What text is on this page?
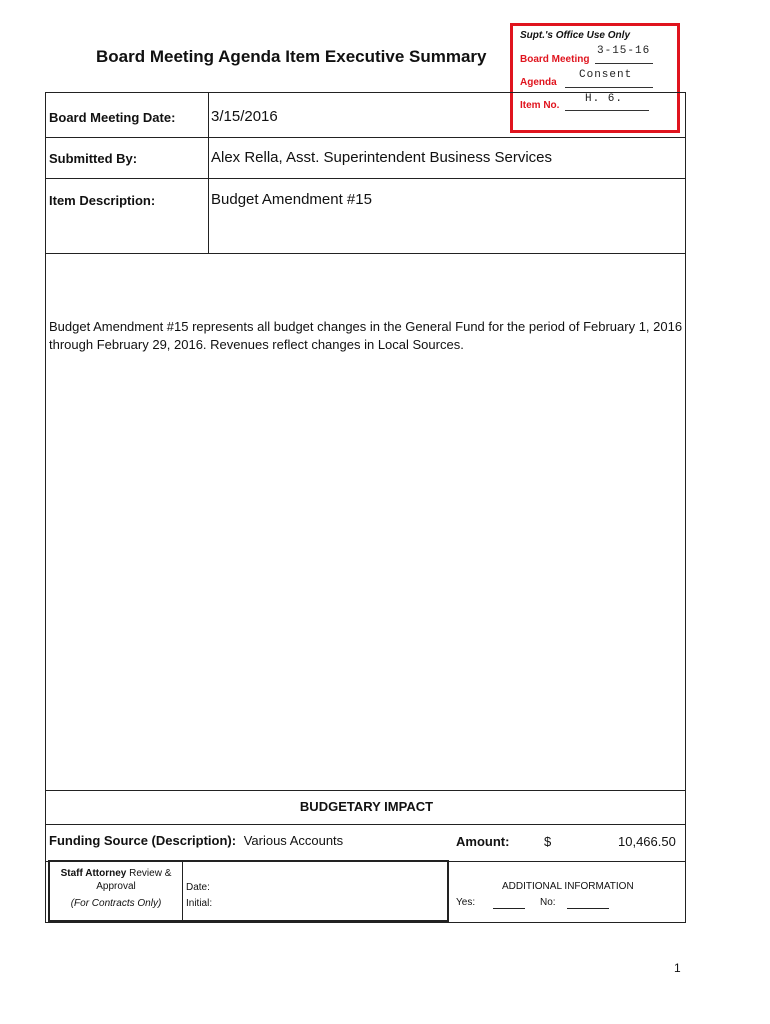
Supt.'s Office Use Only
Board Meeting
3-15-16
Agenda
Consent
Item No.
H. 6.
Board Meeting Agenda Item Executive Summary
Board Meeting Date: 3/15/2016
Submitted By:	Alex Rella, Asst. Superintendent Business Services
Item Description:	Budget Amendment #15
Budget Amendment #15 represents all budget changes in the General Fund for the period of February 1, 2016 through February 29, 2016. Revenues reflect changes in Local Sources.
BUDGETARY IMPACT
Funding Source (Description): Various Accounts	Amount:	$	10,466.50
ADDITIONAL INFORMATION
Yes:	No:
Staff Attorney Review &
Approval
(For Contracts Only)
Date:
Initial:
1
